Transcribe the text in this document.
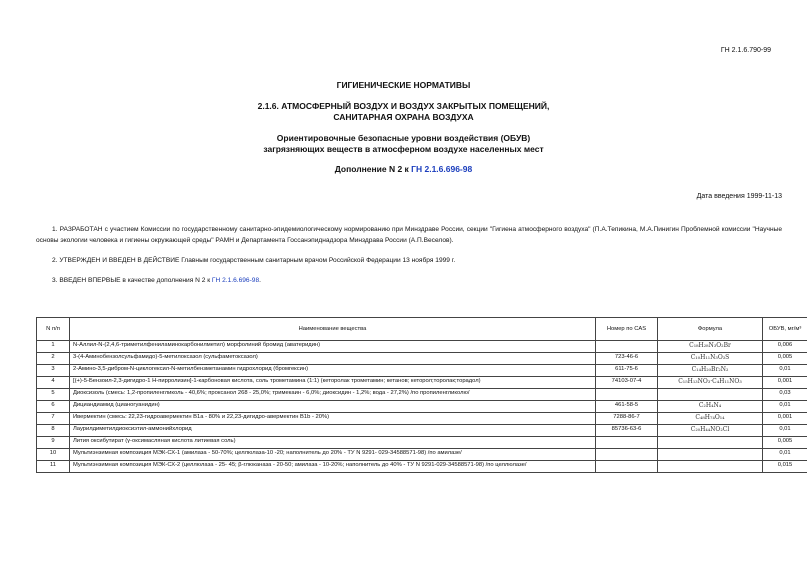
ГН 2.1.6.790-99
ГИГИЕНИЧЕСКИЕ НОРМАТИВЫ
2.1.6. АТМОСФЕРНЫЙ ВОЗДУХ И ВОЗДУХ ЗАКРЫТЫХ ПОМЕЩЕНИЙ,
САНИТАРНАЯ ОХРАНА ВОЗДУХА
Ориентировочные безопасные уровни воздействия (ОБУВ)
загрязняющих веществ в атмосферном воздухе населенных мест
Дополнение N 2 к ГН 2.1.6.696-98
Дата введения 1999-11-13
1. РАЗРАБОТАН с участием Комиссии по государственному санитарно-эпидемиологическому нормированию при Минздраве России, секции "Гигиена атмосферного воздуха" (П.А.Тепикина, М.А.Пинигин Проблемной комиссии "Научные основы экологии человека и гигиены окружающей среды" РАМН и Департамента Госсанэпиднадзора Минздрава России (А.П.Веселов).
2. УТВЕРЖДЕН И ВВЕДЕН В ДЕЙСТВИЕ Главным государственным санитарным врачом Российской Федерации 13 ноября 1999 г.
3. ВВЕДЕН ВПЕРВЫЕ в качестве дополнения N 2 к ГН 2.1.6.696-98.
N п/п	Наименование вещества	Номер по CAS	Формула	ОБУВ, мг/м³
1	N-Аллил-N-(2,4,6-триметилфениламинокарбонилметил) морфолиний бромид (аватеридин)		C₁₈H₂₈N₃O₂Br	0,006
2	3-(4-Аминобензолсульфамидо)-5-метилоксазол (сульфаметоксазол)	723-46-6	C₁₀H₁₁N₃O₃S	0,005
3	2-Амино-3,5-дибром-N-циклогексил-N-метилбензметанамин гидрохлорид (бромгексин)	611-75-6	C₁₄H₂₀Br₂N₂	0,01
4	[(+)-5-Бензоил-2,3-дигидро-1 Н-пирролизин]-1-карбоновая кислота, соль трометамина (1:1) (кеторолак трометамин; кетанов; кеторол;торолак;торадол)	74103-07-4	C₁₅H₁₃NO₃·C₄H₁₁NO₃	0,001
5	Диоксизоль (смесь: 1,2-пропиленгликоль - 40,6%; проксанол 268 - 25,0%; тримекаин - 6,0%; диоксидин - 1,2%; вода - 27,2%) /по пропиленгликолю/			0,03
6	Дициандиамид (цианогуанидин)	461-58-5	C₂H₄N₄	0,01
7	Ивермектин (смесь: 22,23-гидроавермектин B1a - 80% и 22,23-дигидро-авермектин B1b - 20%)	7288-86-7	C₄₈H₇₄O₁₄	0,001
8	Лаурилдиметилдиоксиэтил-аммонийхлорид	85736-63-6	C₂₀H₄₄NO₂Cl	0,01
9	Лития оксибутират (γ-оксимасляная кислота литиевая соль)			0,005
10	Мультиэнзимная композиция МЭК-СХ-1 (амилаза - 50-70%; целлюлаза-10 -20; наполнитель до 20% - ТУ N 9291- 029-34588571-98) /по амилазе/			0,01
11	Мультиэнзимная композиция МЭК-СХ-2 (целлюлаза - 25- 45; β-глюканаза - 20-50; амилаза - 10-20%; наполнитель до 40% - ТУ N 9291-029-34588571-98) /по целлюлазе/			0,015
